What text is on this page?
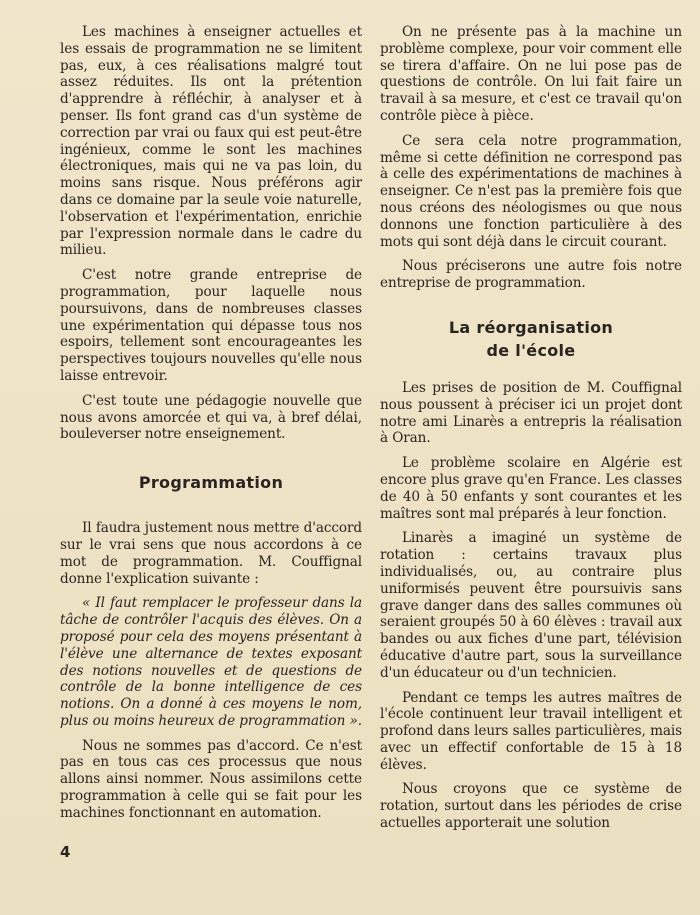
Les machines à enseigner actuelles et les essais de programmation ne se limitent pas, eux, à ces réalisations malgré tout assez réduites. Ils ont la prétention d'apprendre à réfléchir, à analyser et à penser. Ils font grand cas d'un système de correction par vrai ou faux qui est peut-être ingénieux, comme le sont les machines électroniques, mais qui ne va pas loin, du moins sans risque. Nous préférons agir dans ce domaine par la seule voie naturelle, l'observation et l'expérimentation, enrichie par l'expression normale dans le cadre du milieu.

C'est notre grande entreprise de programmation, pour laquelle nous poursuivons, dans de nombreuses classes une expérimentation qui dépasse tous nos espoirs, tellement sont encourageantes les perspectives toujours nouvelles qu'elle nous laisse entrevoir.

C'est toute une pédagogie nouvelle que nous avons amorcée et qui va, à bref délai, bouleverser notre enseignement.

Programmation

Il faudra justement nous mettre d'accord sur le vrai sens que nous accordons à ce mot de programmation. M. Couffignal donne l'explication suivante :

« Il faut remplacer le professeur dans la tâche de contrôler l'acquis des élèves. On a proposé pour cela des moyens présentant à l'élève une alternance de textes exposant des notions nouvelles et de questions de contrôle de la bonne intelligence de ces notions. On a donné à ces moyens le nom, plus ou moins heureux de programmation ».

Nous ne sommes pas d'accord. Ce n'est pas en tous cas ces processus que nous allons ainsi nommer. Nous assimilons cette programmation à celle qui se fait pour les machines fonctionnant en automation.

On ne présente pas à la machine un problème complexe, pour voir comment elle se tirera d'affaire. On ne lui pose pas de questions de contrôle. On lui fait faire un travail à sa mesure, et c'est ce travail qu'on contrôle pièce à pièce.

Ce sera cela notre programmation, même si cette définition ne correspond pas à celle des expérimentations de machines à enseigner. Ce n'est pas la première fois que nous créons des néologismes ou que nous donnons une fonction particulière à des mots qui sont déjà dans le circuit courant.

Nous préciserons une autre fois notre entreprise de programmation.

La réorganisation
de l'école

Les prises de position de M. Couffignal nous poussent à préciser ici un projet dont notre ami Linarès a entrepris la réalisation à Oran.

Le problème scolaire en Algérie est encore plus grave qu'en France. Les classes de 40 à 50 enfants y sont courantes et les maîtres sont mal préparés à leur fonction.

Linarès a imaginé un système de rotation : certains travaux plus individualisés, ou, au contraire plus uniformisés peuvent être poursuivis sans grave danger dans des salles communes où seraient groupés 50 à 60 élèves : travail aux bandes ou aux fiches d'une part, télévision éducative d'autre part, sous la surveillance d'un éducateur ou d'un technicien.

Pendant ce temps les autres maîtres de l'école continuent leur travail intelligent et profond dans leurs salles particulières, mais avec un effectif confortable de 15 à 18 élèves.

Nous croyons que ce système de rotation, surtout dans les périodes de crise actuelles apporterait une solution

4
